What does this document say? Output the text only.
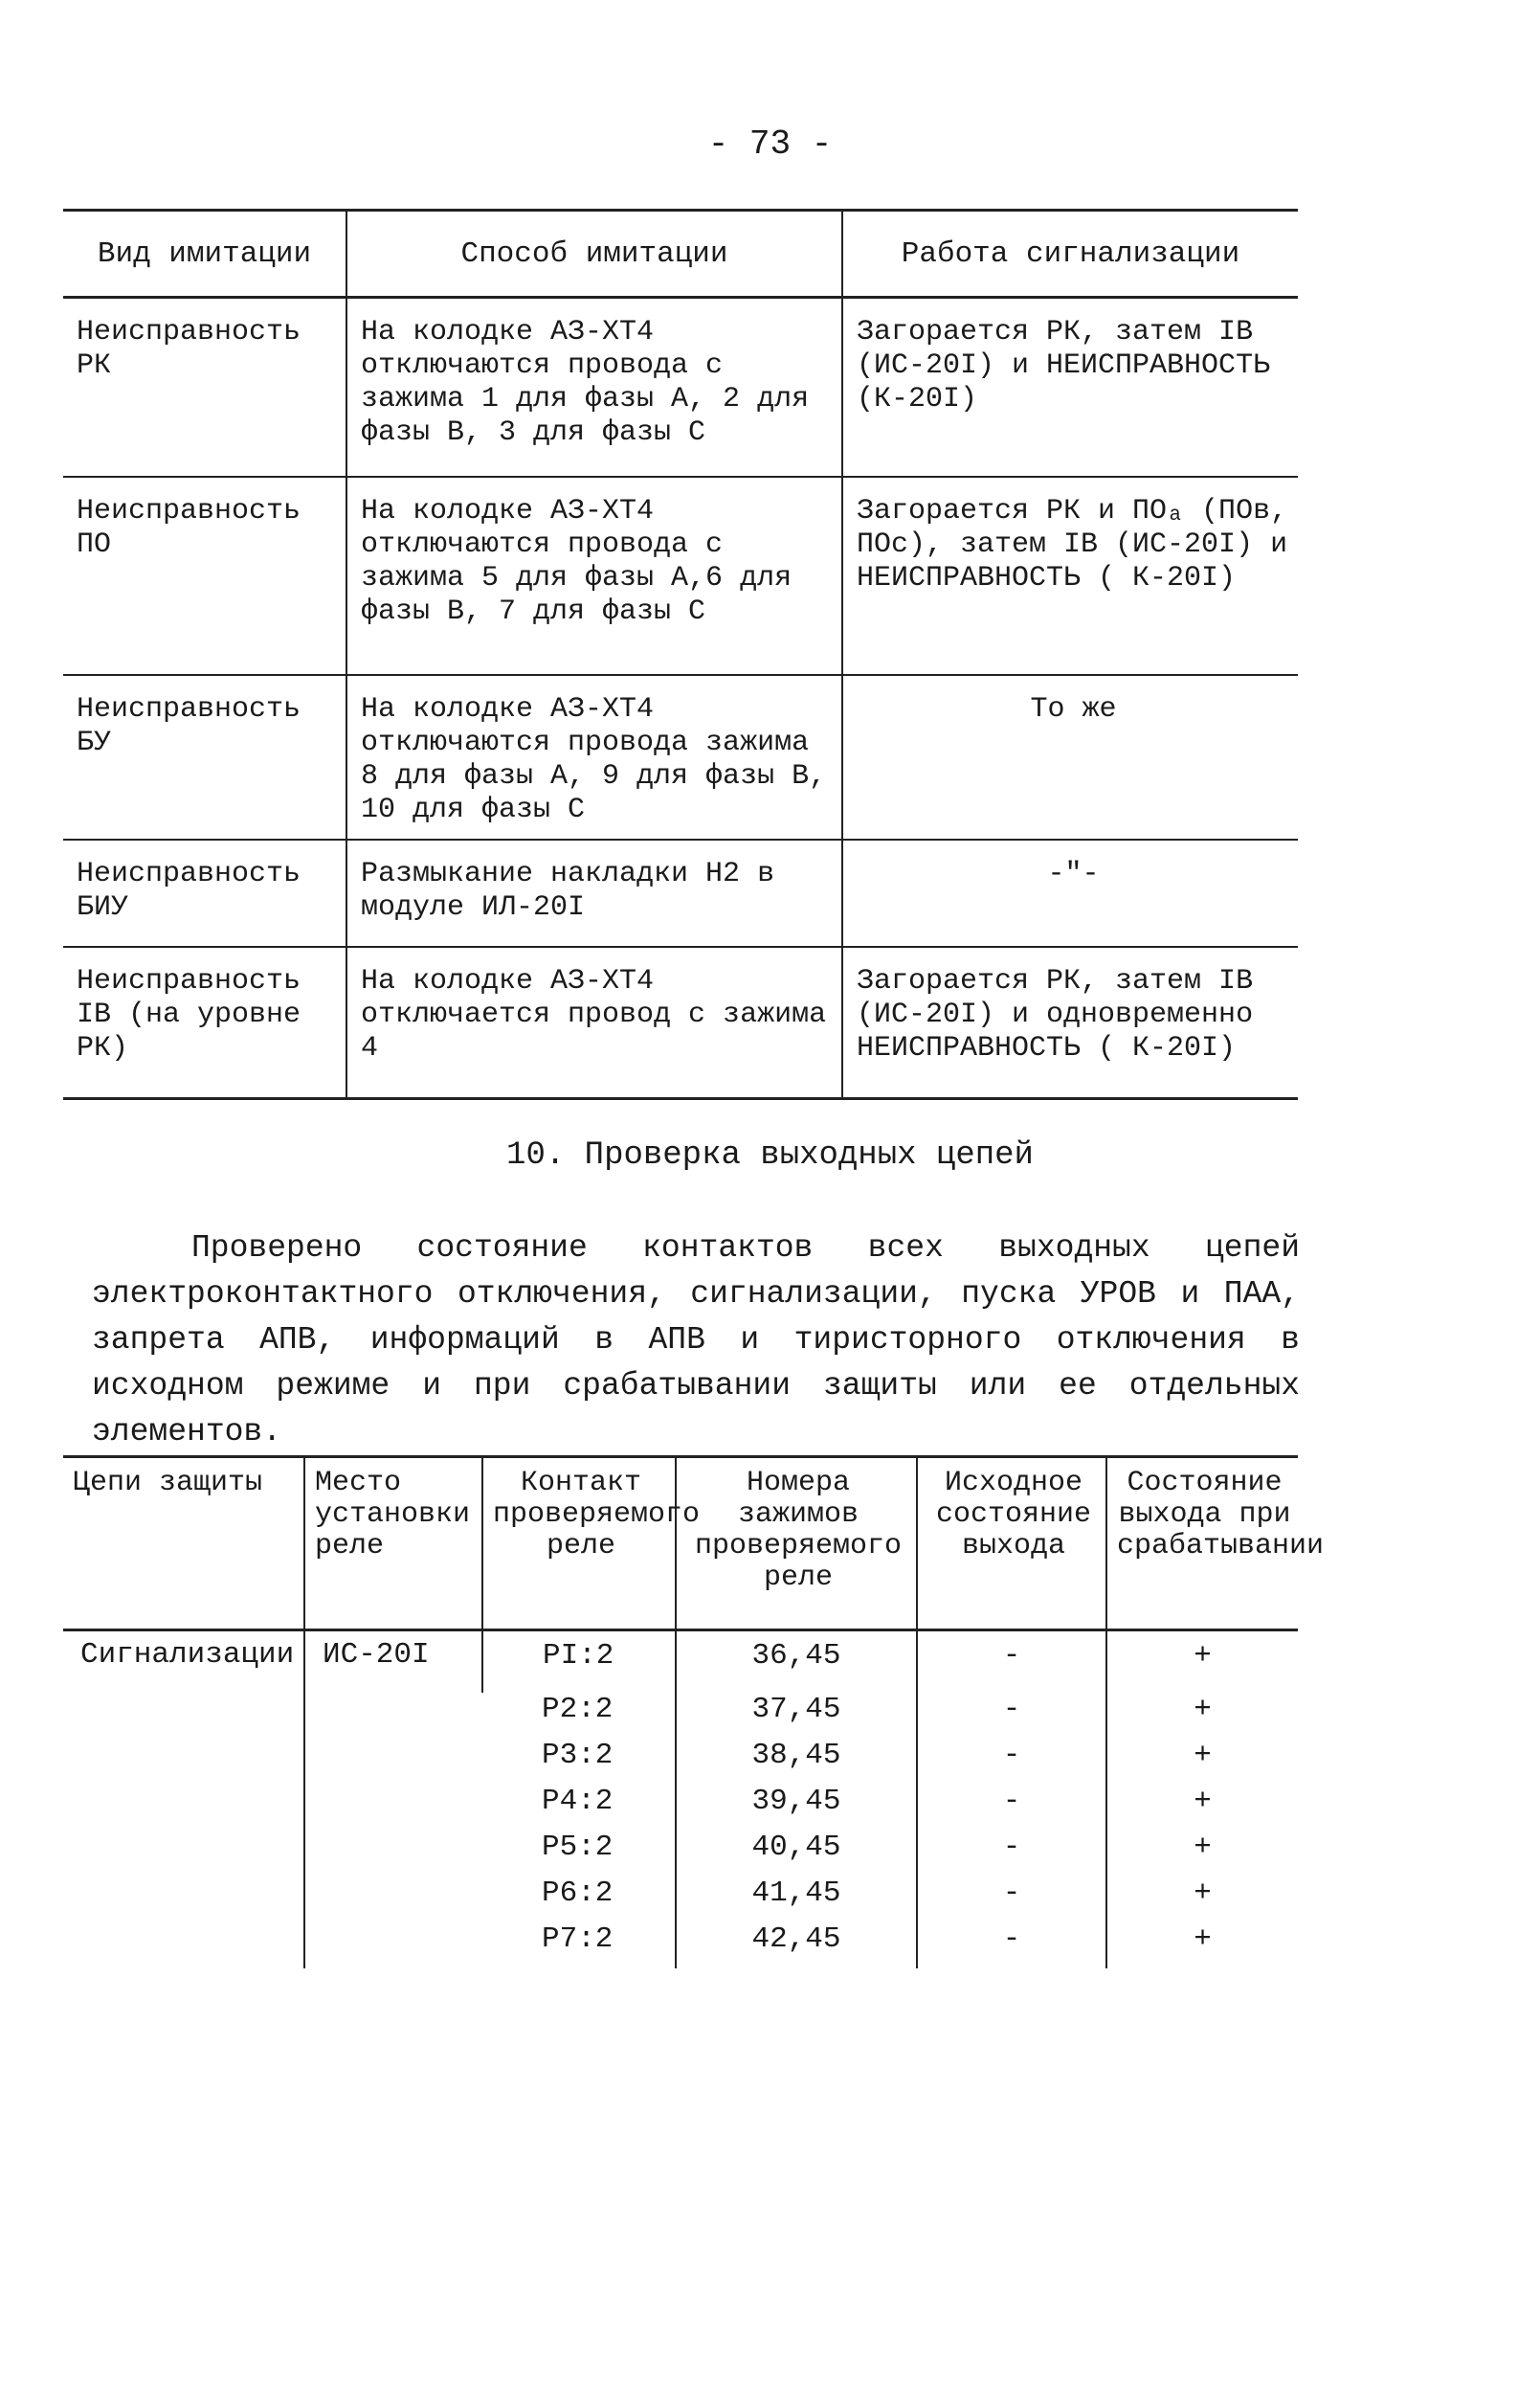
- 73 -
Вид имитации	Способ имитации	Работа сигнализации
Неисправность РК	На колодке АЗ-ХТ4 отключаются провода с зажима 1 для фазы А, 2 для фазы В, 3 для фазы С	Загорается РК, затем IB (ИС-20I) и НЕИСПРАВНОСТЬ (К-20I)
Неисправность ПО	На колодке АЗ-ХТ4 отключаются провода с зажима 5 для фазы А,6 для фазы В, 7 для фазы С	Загорается РК и ПОₐ (ПОв, ПОс), затем IB (ИС-20I) и НЕИСПРАВНОСТЬ ( К-20I)
Неисправность БУ	На колодке АЗ-ХТ4 отключаются провода зажима 8 для фазы А, 9 для фазы В, 10 для фазы С	То же
Неисправность БИУ	Размыкание накладки Н2 в модуле ИЛ-20I	-"-
Неисправность IB (на уровне РК)	На колодке АЗ-ХТ4 отключается провод с зажима 4	Загорается РК, затем IB (ИС-20I) и одновременно НЕИСПРАВНОСТЬ ( К-20I)
10. Проверка выходных цепей
Проверено состояние контактов всех выходных цепей электроконтактного отключения, сигнализации, пуска УРОВ и ПАА, запрета АПВ, информаций в АПВ и тиристорного отключения в исходном режиме и при срабатывании защиты или ее отдельных элементов.
Цепи защиты	Место установки реле	Контакт проверяемого реле	Номера зажимов проверяемого реле	Исходное состояние выхода	Состояние выхода при срабатывании
Сигнализации	ИС-20I	PI:2	36,45	-	+
		P2:2	37,45	-	+
		P3:2	38,45	-	+
		P4:2	39,45	-	+
		P5:2	40,45	-	+
		P6:2	41,45	-	+
		P7:2	42,45	-	+
